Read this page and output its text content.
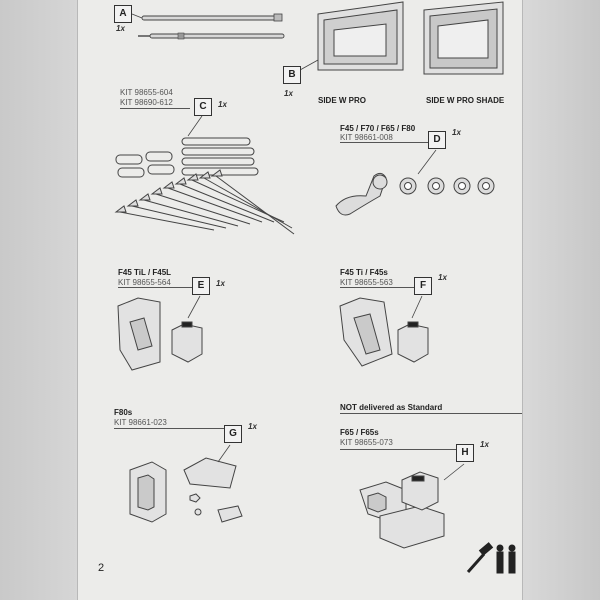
A
1x
B
1x
SIDE W PRO	SIDE W PRO SHADE
KIT 98655-604
KIT 98690-612	C	1x
F45 / F70 / F65 / F80
KIT 98661-008	D
1x
F45 TiL / F45L
KIT 98655-564	E	1x
F45 Ti / F45s
KIT 98655-563	F
1x
F80s
KIT 98661-023
G
1x
NOT delivered as Standard
F65 / F65s
KIT 98655-073
H
1x
2
